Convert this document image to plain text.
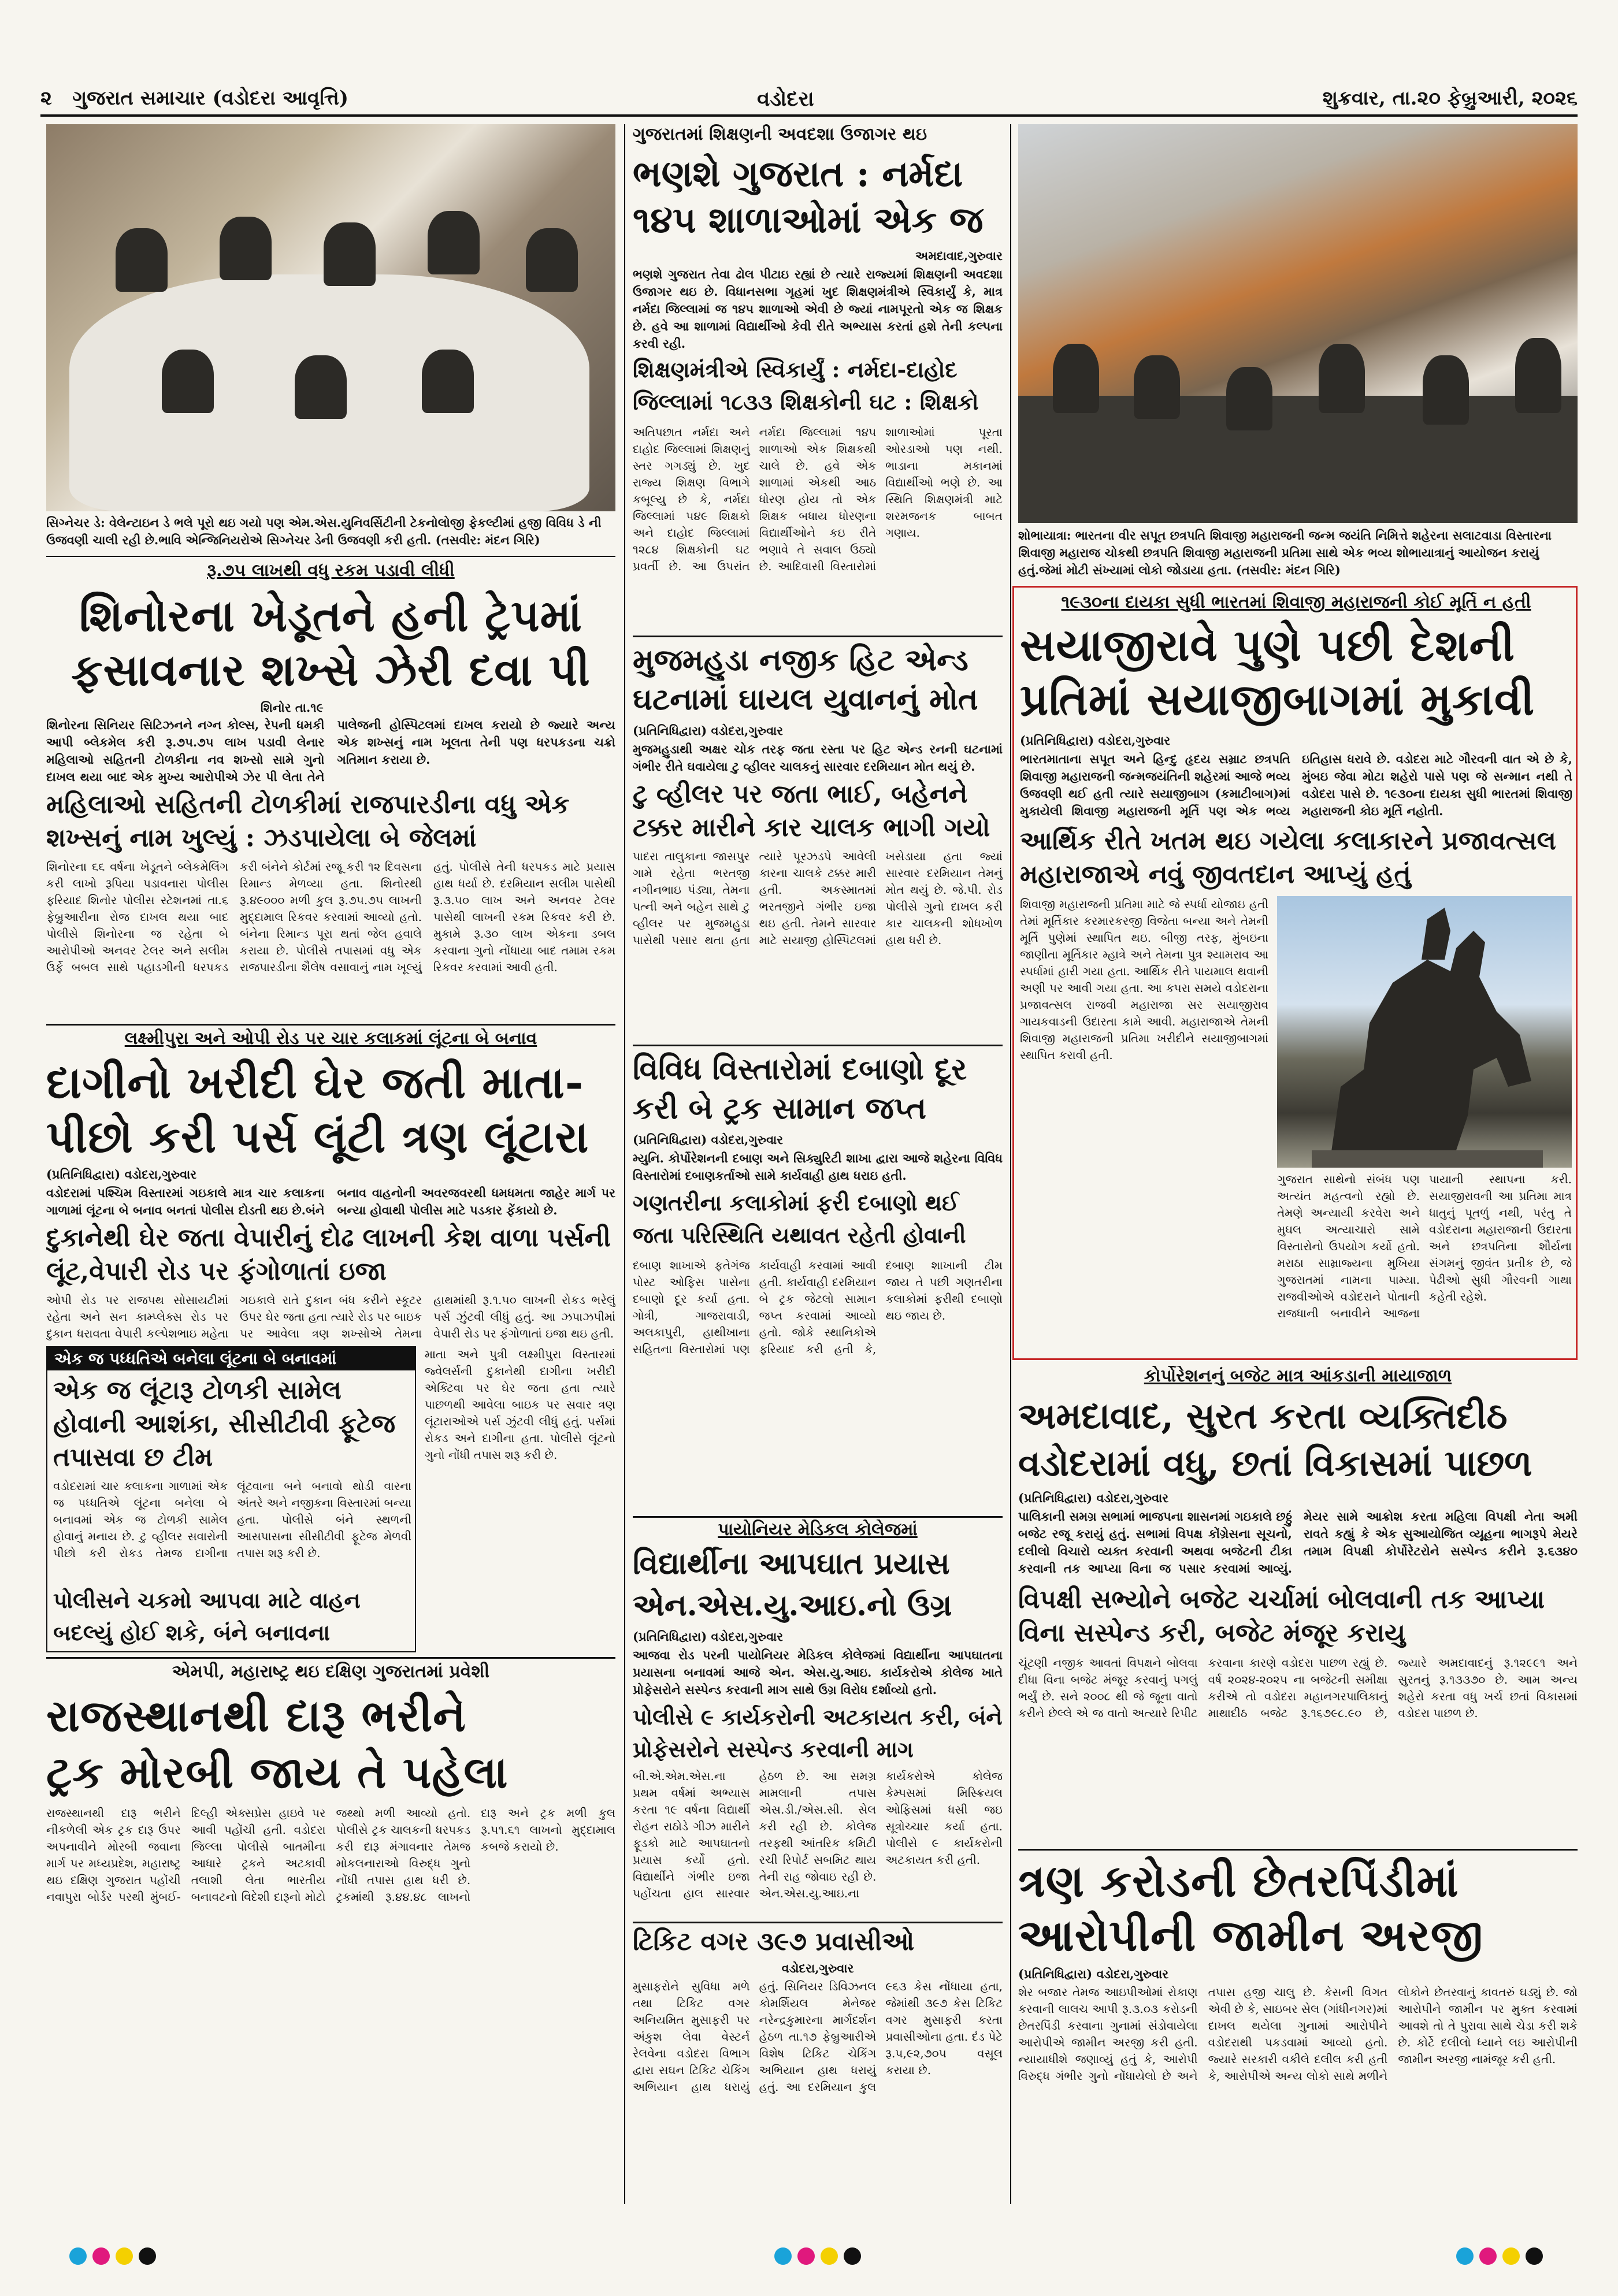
૨ ગુજરાત સમાચાર (વડોદરા આવૃત્તિ)	વડોદરા	શુક્રવાર, તા.૨૦ ફેબ્રુઆરી, ૨૦૨૬
સિગ્નેચર ડે: વેલેન્ટાઇન ડે ભલે પૂરો થઇ ગયો પણ એમ.એસ.યુનિવર્સિટીની ટેકનોલોજી ફેકલ્ટીમાં હજી વિવિધ ડે ની ઉજવણી ચાલી રહી છે.ભાવિ એન્જિનિયરોએ સિગ્નેચર ડેની ઉજવણી કરી હતી. (તસવીર: મંદન ગિરિ)
રૂ.૭૫ લાખથી વધુ રકમ પડાવી લીધી
શિનોરના ખેડૂતને હની ટ્રેપમાં
ફસાવનાર શખ્સે ઝેરી દવા પી
શિનોર તા.૧૯
શિનોરના સિનિયર સિટિઝનને નગ્ન કોલ્સ, રેપની ધમકી આપી બ્લેકમેલ કરી રૂ.૭૫.૭૫ લાખ પડાવી લેનાર મહિલાઓ સહિતની ટોળકીના નવ શખ્સો સામે ગુનો દાખલ થયા બાદ એક મુખ્ય આરોપીએ ઝેર પી લેતા તેને પાલેજની હોસ્પિટલમાં દાખલ કરાયો છે જ્યારે અન્ય એક શખ્સનું નામ ખૂલતા તેની પણ ધરપકડના ચક્રો ગતિમાન કરાયા છે.
મહિલાઓ સહિતની ટોળકીમાં રાજપારડીના વધુ એક શખ્સનું નામ ખુલ્યું : ઝડપાયેલા બે જેલમાં
શિનોરના ૬૬ વર્ષના ખેડૂતને બ્લેકમેલિંગ કરી લાખો રૂપિયા પડાવનારા પોલીસ ફરિયાદ શિનોર પોલીસ સ્ટેશનમાં તા.૬ ફેબ્રુઆરીના રોજ દાખલ થયા બાદ પોલીસે શિનોરના જ રહેતા બે આરોપીઓ અનવર ટેલર અને સલીમ ઉર્ફે બબલ સાથે પહાડગીની ધરપકડ કરી બંનેને કોર્ટમાં રજૂ કરી ૧૨ દિવસના રિમાન્ડ મેળવ્યા હતા. શિનોરથી રૂ.૪૯૦૦૦ મળી કુલ રૂ.૭૫.૭૫ લાખની મુદ્દામાલ રિકવર કરવામાં આવ્યો હતો. બંનેના રિમાન્ડ પૂરા થતાં જેલ હવાલે કરાયા છે. પોલીસે તપાસમાં વધુ એક રાજપારડીના શૈલેષ વસાવાનું નામ ખૂલ્યું હતું. પોલીસે તેની ધરપકડ માટે પ્રયાસ હાથ ધર્યા છે. દરમિયાન સલીમ પાસેથી રૂ.૩.૫૦ લાખ અને અનવર ટેલર પાસેથી લાખની રકમ રિકવર કરી છે. મુકામે રૂ.૩૦ લાખ એકના ડબલ કરવાના ગુનો નોંધાયા બાદ તમામ રકમ રિકવર કરવામાં આવી હતી.
લક્ષ્મીપુરા અને ઓપી રોડ પર ચાર કલાકમાં લૂંટના બે બનાવ
દાગીનો ખરીદી ઘેર જતી માતા-
પીછો કરી પર્સ લૂંટી ત્રણ લૂંટારા
(પ્રતિનિધિદ્વારા) વડોદરા,ગુરુવાર
વડોદરામાં પશ્ચિમ વિસ્તારમાં ગઇકાલે માત્ર ચાર કલાકના ગાળામાં લૂંટના બે બનાવ બનતાં પોલીસ દોડતી થઇ છે.બંને બનાવ વાહનોની અવરજવરથી ધમધમતા જાહેર માર્ગ પર બન્યા હોવાથી પોલીસ માટે પડકાર ફેંકાયો છે.
દુકાનેથી ઘેર જતા વેપારીનું દોઢ લાખની કેશ વાળા પર્સની લૂંટ,વેપારી રોડ પર ફંગોળાતાં ઇજા
ઓપી રોડ પર રાજપથ સોસાયટીમાં રહેતા અને સન કામ્પ્લેક્સ રોડ પર દુકાન ધરાવતા વેપારી કલ્પેશભાઇ મહેતા ગઇકાલે રાતે દુકાન બંધ કરીને સ્કૂટર ઉપર ઘેર જતા હતા ત્યારે રોડ પર બાઇક પર આવેલા ત્રણ શખ્સોએ તેમના હાથમાંથી રૂ.૧.૫૦ લાખની રોકડ ભરેલું પર્સ ઝુંટવી લીધું હતું. આ ઝપાઝપીમાં વેપારી રોડ પર ફંગોળાતાં ઇજા થઇ હતી.
એક જ પધ્ધતિએ બનેલા લૂંટના બે બનાવમાં
એક જ લૂંટારૂ ટોળકી સામેલ હોવાની આશંકા, સીસીટીવી ફૂટેજ તપાસવા છ ટીમ
વડોદરામાં ચાર કલાકના ગાળામાં એક જ પધ્ધતિએ લૂંટના બનેલા બે બનાવમાં એક જ ટોળકી સામેલ હોવાનું મનાય છે. ટુ વ્હીલર સવારોની પીછો કરી રોકડ તેમજ દાગીના લૂંટવાના બને બનાવો થોડી વારના અંતરે અને નજીકના વિસ્તારમાં બન્યા હતા. પોલીસે બંને સ્થળની આસપાસના સીસીટીવી ફૂટેજ મેળવી તપાસ શરૂ કરી છે.
પોલીસને ચકમો આપવા માટે વાહન બદલ્યું હોઈ શકે, બંને બનાવના
માતા અને પુત્રી લક્ષ્મીપુરા વિસ્તારમાં જ્વેલર્સની દુકાનેથી દાગીના ખરીદી એક્ટિવા પર ઘેર જતા હતા ત્યારે પાછળથી આવેલા બાઇક પર સવાર ત્રણ લૂંટારાઓએ પર્સ ઝુંટવી લીધું હતું. પર્સમાં રોકડ અને દાગીના હતા. પોલીસે લૂંટનો ગુનો નોંધી તપાસ શરૂ કરી છે.
એમપી, મહારાષ્ટ્ર થઇ દક્ષિણ ગુજરાતમાં પ્રવેશી
રાજસ્થાનથી દારૂ ભરીને
ટ્રક મોરબી જાય તે પહેલા
રાજસ્થાનથી દારૂ ભરીને નીકળેલી એક ટ્રક દારૂ ઉપર અપનાવીને મોરબી જવાના માર્ગ પર મધ્યપ્રદેશ, મહારાષ્ટ્ર થઇ દક્ષિણ ગુજરાત પહોંચી નવાપુરા બોર્ડર પરથી મુંબઈ-દિલ્હી એક્સપ્રેસ હાઇવે પર આવી પહોંચી હતી. વડોદરા જિલ્લા પોલીસે બાતમીના આધારે ટ્રકને અટકાવી તલાશી લેતા ભારતીય બનાવટનો વિદેશી દારૂનો મોટો જથ્થો મળી આવ્યો હતો. પોલીસે ટ્રક ચાલકની ધરપકડ કરી દારૂ મંગાવનાર તેમજ મોકલનારાઓ વિરુદ્ધ ગુનો નોંધી તપાસ હાથ ધરી છે. ટ્રકમાંથી રૂ.૪૪.૪૮ લાખનો દારૂ અને ટ્રક મળી કુલ રૂ.૫૧.૬૧ લાખનો મુદ્દામાલ કબજે કરાયો છે.
ગુજરાતમાં શિક્ષણની અવદશા ઉજાગર થઇ
ભણશે ગુજરાત : નર્મદા
૧૪૫ શાળાઓમાં એક જ
અમદાવાદ,ગુરુવાર
ભણશે ગુજરાત તેવા ઢોલ પીટાઇ રહ્યાં છે ત્યારે રાજ્યમાં શિક્ષણની અવદશા ઉજાગર થઇ છે. વિધાનસભા ગૃહમાં ખુદ શિક્ષણમંત્રીએ સ્વિકાર્યું કે, માત્ર નર્મદા જિલ્લામાં જ ૧૪૫ શાળાઓ એવી છે જ્યાં નામપૂરતો એક જ શિક્ષક છે. હવે આ શાળામાં વિદ્યાર્થીઓ કેવી રીતે અભ્યાસ કરતાં હશે તેની કલ્પના કરવી રહી.
શિક્ષણમંત્રીએ સ્વિકાર્યું : નર્મદા-દાહોદ જિલ્લામાં ૧૮૩૩ શિક્ષકોની ઘટ : શિક્ષકો
અતિપછાત નર્મદા અને દાહોદ જિલ્લામાં શિક્ષણનું સ્તર ગગડ્યું છે. ખુદ રાજ્ય શિક્ષણ વિભાગે કબૂલ્યુ છે કે, નર્મદા જિલ્લામાં ૫૪૯ શિક્ષકો અને દાહોદ જિલ્લામાં ૧૨૮૪ શિક્ષકોની ઘટ પ્રવર્તી છે. આ ઉપરાંત નર્મદા જિલ્લામાં ૧૪૫ શાળાઓ એક શિક્ષકથી ચાલે છે. હવે એક શાળામાં એકથી આઠ ધોરણ હોય તો એક શિક્ષક બધાય ધોરણના વિદ્યાર્થીઓને કઇ રીતે ભણાવે તે સવાલ ઉઠ્યો છે. આદિવાસી વિસ્તારોમાં શાળાઓમાં પૂરતા ઓરડાઓ પણ નથી. ભાડાના મકાનમાં વિદ્યાર્થીઓ ભણે છે. આ સ્થિતિ શિક્ષણમંત્રી માટે શરમજનક બાબત ગણાય.
મુજમહુડા નજીક હિટ એન્ડ
ઘટનામાં ઘાયલ યુવાનનું મોત
(પ્રતિનિધિદ્વારા) વડોદરા,ગુરુવાર
મુજમહુડાથી અક્ષર ચોક તરફ જતા રસ્તા પર હિટ એન્ડ રનની ઘટનામાં ગંભીર રીતે ઘવાયેલા ટુ વ્હીલર ચાલકનું સારવાર દરમિયાન મોત થયું છે.
ટુ વ્હીલર પર જતા ભાઈ, બહેનને ટક્કર મારીને કાર ચાલક ભાગી ગયો
પાદરા તાલુકાના જાસપુર ગામે રહેતા ભરતજી નગીનભાઇ પંડ્યા, તેમના પત્ની અને બહેન સાથે ટુ વ્હીલર પર મુજમહુડા પાસેથી પસાર થતા હતા ત્યારે પૂરઝડપે આવેલી કારના ચાલકે ટક્કર મારી હતી. અકસ્માતમાં ભરતજીને ગંભીર ઇજા થઇ હતી. તેમને સારવાર માટે સયાજી હોસ્પિટલમાં ખસેડાયા હતા જ્યાં સારવાર દરમિયાન તેમનું મોત થયું છે. જે.પી. રોડ પોલીસે ગુનો દાખલ કરી કાર ચાલકની શોધખોળ હાથ ધરી છે.
વિવિધ વિસ્તારોમાં દબાણો દૂર
કરી બે ટ્રક સામાન જપ્ત
(પ્રતિનિધિદ્વારા) વડોદરા,ગુરુવાર
મ્યુનિ. કોર્પોરેશનની દબાણ અને સિક્યુરિટી શાખા દ્વારા આજે શહેરના વિવિધ વિસ્તારોમાં દબાણકર્તાઓ સામે કાર્યવાહી હાથ ધરાઇ હતી.
ગણતરીના કલાકોમાં ફરી દબાણો થઈ જતા પરિસ્થિતિ યથાવત રહેતી હોવાની
દબાણ શાખાએ ફતેગંજ પોસ્ટ ઓફિસ પાસેના દબાણો દૂર કર્યા હતા. ગોત્રી, ગાજરાવાડી, અલકાપુરી, હાથીખાના સહિતના વિસ્તારોમાં પણ કાર્યવાહી કરવામાં આવી હતી. કાર્યવાહી દરમિયાન બે ટ્રક જેટલો સામાન જપ્ત કરવામાં આવ્યો હતો. જોકે સ્થાનિકોએ ફરિયાદ કરી હતી કે, દબાણ શાખાની ટીમ જાય તે પછી ગણતરીના કલાકોમાં ફરીથી દબાણો થઇ જાય છે.
પાયોનિયર મેડિકલ કોલેજમાં
વિદ્યાર્થીના આપઘાત પ્રયાસ
એન.એસ.યુ.આઇ.નો ઉગ્ર
(પ્રતિનિધિદ્વારા) વડોદરા,ગુરુવાર
આજવા રોડ પરની પાયોનિયર મેડિકલ કોલેજમાં વિદ્યાર્થીના આપઘાતના પ્રયાસના બનાવમાં આજે એન. એસ.યુ.આઇ. કાર્યકરોએ કોલેજ ખાતે પ્રોફેસરોને સસ્પેન્ડ કરવાની માગ સાથે ઉગ્ર વિરોધ દર્શાવ્યો હતો.
પોલીસે ૯ કાર્યકરોની અટકાયત કરી, બંને પ્રોફેસરોને સસ્પેન્ડ કરવાની માગ
બી.એ.એમ.એસ.ના પ્રથમ વર્ષમાં અભ્યાસ કરતા ૧૯ વર્ષના વિદ્યાર્થી રોહન રાઠોડે ગીઝ મારીને ફૂડકો માટે આપઘાતનો પ્રયાસ કર્યો હતો. વિદ્યાર્થીને ગંભીર ઇજા પહોંચતા હાલ સારવાર હેઠળ છે. આ સમગ્ર મામલાની તપાસ એસ.ડી./એસ.સી. સેલ કરી રહી છે. કોલેજ તરફથી આંતરિક કમિટી રચી રિપોર્ટ સબમિટ થાય તેની રાહ જોવાઇ રહી છે. એન.એસ.યુ.આઇ.ના કાર્યકરોએ કોલેજ કેમ્પસમાં મિસ્ક્રિયલ ઓફિસમાં ધસી જઇ સૂત્રોચ્ચાર કર્યા હતા. પોલીસે ૯ કાર્યકરોની અટકાયત કરી હતી.
ટિકિટ વગર ૩૯૭ પ્રવાસીઓ
વડોદરા,ગુરુવાર
મુસાફરોને સુવિધા મળે તથા ટિકિટ વગર અનિયમિત મુસાફરી પર અંકુશ લેવા વેસ્ટર્ન રેલવેના વડોદરા વિભાગ દ્વારા સઘન ટિકિટ ચેકિંગ અભિયાન હાથ ધરાયું હતું. સિનિયર ડિવિઝનલ કોમર્શિયલ મેનેજર નરેન્દ્રકુમારના માર્ગદર્શન હેઠળ તા.૧૭ ફેબ્રુઆરીએ વિશેષ ટિકિટ ચેકિંગ અભિયાન હાથ ધરાયું હતું. આ દરમિયાન કુલ ૯૬૩ કેસ નોંધાયા હતા, જેમાંથી ૩૯૭ કેસ ટિકિટ વગર મુસાફરી કરતા પ્રવાસીઓના હતા. દંડ પેટે રૂ.૫,૯૨,૭૦૫ વસૂલ કરાયા છે.
શોભાયાત્રા: ભારતના વીર સપૂત છત્રપતિ શિવાજી મહારાજની જન્મ જયંતિ નિમિત્તે શહેરના સલાટવાડા વિસ્તારના શિવાજી મહારાજ ચોકથી છત્રપતિ શિવાજી મહારાજની પ્રતિમા સાથે એક ભવ્ય શોભાયાત્રાનું આયોજન કરાયું હતું.જેમાં મોટી સંખ્યામાં લોકો જોડાયા હતા. (તસવીર: મંદન ગિરિ)
૧૯૩૦ના દાયકા સુધી ભારતમાં શિવાજી મહારાજની કોઈ મૂર્તિ ન હતી
સયાજીરાવે પુણે પછી દેશની
પ્રતિમાં સયાજીબાગમાં મુકાવી
(પ્રતિનિધિદ્વારા) વડોદરા,ગુરુવાર
ભારતમાતાના સપૂત અને હિન્દુ હૃદય સમ્રાટ છત્રપતિ શિવાજી મહારાજની જન્મજયંતિની શહેરમાં આજે ભવ્ય ઉજવણી થઈ હતી ત્યારે સયાજીબાગ (કમાટીબાગ)માં મુકાયેલી શિવાજી મહારાજની મૂર્તિ પણ એક ભવ્ય ઇતિહાસ ધરાવે છે. વડોદરા માટે ગૌરવની વાત એ છે કે, મુંબઇ જેવા મોટા શહેરો પાસે પણ જે સન્માન નથી તે વડોદરા પાસે છે. ૧૯૩૦ના દાયકા સુધી ભારતમાં શિવાજી મહારાજની કોઇ મૂર્તિ નહોતી.
આર્થિક રીતે ખતમ થઇ ગયેલા કલાકારને પ્રજાવત્સલ મહારાજાએ નવું જીવતદાન આપ્યું હતું
શિવાજી મહારાજની પ્રતિમા માટે જે સ્પર્ધા યોજાઇ હતી તેમાં મૂર્તિકાર કરમારકરજી વિજેતા બન્યા અને તેમની મૂર્તિ પુણેમાં સ્થાપિત થઇ. બીજી તરફ, મુંબઇના જાણીતા મૂર્તિકાર મ્હાત્રે અને તેમના પુત્ર શ્યામરાવ આ સ્પર્ધામાં હારી ગયા હતા. આર્થિક રીતે પાયમાલ થવાની અણી પર આવી ગયા હતા. આ કપરા સમયે વડોદરાના પ્રજાવત્સલ રાજવી મહારાજા સર સયાજીરાવ ગાયકવાડની ઉદારતા કામે આવી. મહારાજાએ તેમની શિવાજી મહારાજની પ્રતિમા ખરીદીને સયાજીબાગમાં સ્થાપિત કરાવી હતી.
ગુજરાત સાથેનો સંબંધ પણ અત્યંત મહત્વનો રહ્યો છે. તેમણે અન્યાયી કરવેરા અને મુઘલ અત્યાચારો સામે વિસ્તારોનો ઉપયોગ કર્યો હતો. મરાઠા સામ્રાજ્યના મુખિયા ગુજરાતમાં નામના પામ્યા. રાજવીઓએ વડોદરાને પોતાની રાજધાની બનાવીને આજના પાયાની સ્થાપના કરી. સયાજીરાવની આ પ્રતિમા માત્ર ધાતુનું પૂતળું નથી, પરંતુ તે વડોદરાના મહારાજાની ઉદારતા અને છત્રપતિના શૌર્યના સંગમનું જીવંત પ્રતીક છે, જે પેઢીઓ સુધી ગૌરવની ગાથા કહેતી રહેશે.
કોર્પોરેશનનું બજેટ માત્ર આંકડાની માયાજાળ
અમદાવાદ, સુરત કરતા વ્યક્તિદીઠ
વડોદરામાં વધુ, છતાં વિકાસમાં પાછળ
(પ્રતિનિધિદ્વારા) વડોદરા,ગુરુવાર
પાલિકાની સમગ્ર સભામાં ભાજપના શાસનમાં ગઇકાલે છઠ્ઠું બજેટ રજૂ કરાયું હતું. સભામાં વિપક્ષ કોંગ્રેસના સૂચનો, દલીલો વિચારો વ્યક્ત કરવાની અથવા બજેટની ટીકા કરવાની તક આપ્યા વિના જ પસાર કરવામાં આવ્યું. મેયર સામે આક્રોશ કરતા મહિલા વિપક્ષી નેતા અમી રાવતે કહ્યું કે એક સુઆયોજિત વ્યૂહના ભાગરૂપે મેયરે તમામ વિપક્ષી કોર્પોરેટરોને સસ્પેન્ડ કરીને રૂ.૬૩૪૦
વિપક્ષી સભ્યોને બજેટ ચર્ચામાં બોલવાની તક આપ્યા વિના સસ્પેન્ડ કરી, બજેટ મંજૂર કરાયુ
ચૂંટણી નજીક આવતાં વિપક્ષને બોલવા દીધા વિના બજેટ મંજૂર કરવાનું પગલું ભર્યું છે. સને ૨૦૦૮ થી જે જૂના વાતો કરીને છેલ્લે એ જ વાતો અત્યારે રિપીટ કરવાના કારણે વડોદરા પાછળ રહ્યું છે. વર્ષ ૨૦૨૪-૨૦૨૫ ના બજેટની સમીક્ષા કરીએ તો વડોદરા મહાનગરપાલિકાનું માથાદીઠ બજેટ રૂ.૧૬૭૯૮.૯૦ છે, જ્યારે અમદાવાદનું રૂ.૧૨૯૯૧ અને સુરતનું રૂ.૧૩૩૭૦ છે. આમ અન્ય શહેરો કરતા વધુ ખર્ચ છતાં વિકાસમાં વડોદરા પાછળ છે.
ત્રણ કરોડની છેતરપિંડીમાં
આરોપીની જામીન અરજી
(પ્રતિનિધિદ્વારા) વડોદરા,ગુરુવાર
શેર બજાર તેમજ આઇપીઓમાં રોકાણ કરવાની લાલચ આપી રૂ.૩.૦૩ કરોડની છેતરપિંડી કરવાના ગુનામાં સંડોવાયેલા આરોપીએ જામીન અરજી કરી હતી. ન્યાયાધીશે જણાવ્યું હતું કે, આરોપી વિરુદ્ધ ગંભીર ગુનો નોંધાયેલો છે અને તપાસ હજી ચાલુ છે. કેસની વિગત એવી છે કે, સાઇબર સેલ (ગાંધીનગર)માં દાખલ થયેલા ગુનામાં આરોપીને વડોદરાથી પકડવામાં આવ્યો હતો. જ્યારે સરકારી વકીલે દલીલ કરી હતી કે, આરોપીએ અન્ય લોકો સાથે મળીને લોકોને છેતરવાનું કાવતરું ઘડ્યું છે. જો આરોપીને જામીન પર મુક્ત કરવામાં આવશે તો તે પુરાવા સાથે ચેડા કરી શકે છે. કોર્ટે દલીલો ધ્યાને લઇ આરોપીની જામીન અરજી નામંજૂર કરી હતી.
